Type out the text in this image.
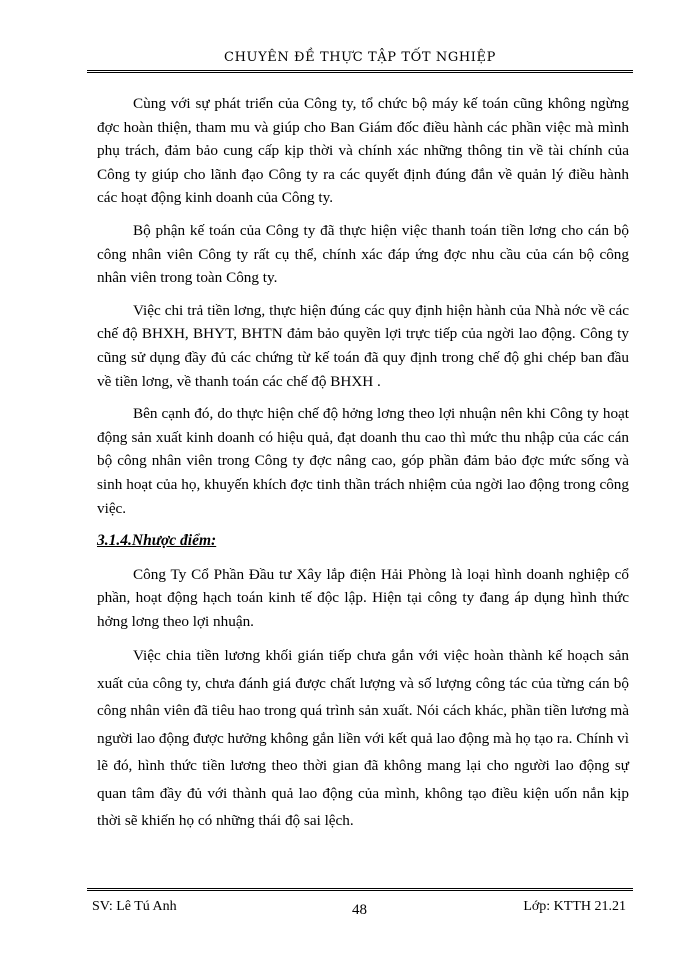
CHUYÊN ĐỀ THỰC TẬP TỐT NGHIỆP

Cùng với sự phát triển của Công ty, tổ chức bộ máy kế toán cũng không ngừng đợc hoàn thiện, tham mu và giúp cho Ban Giám đốc điều hành các phần việc mà mình phụ trách, đảm bảo cung cấp kịp thời và chính xác những thông tin về tài chính của Công ty giúp cho lãnh đạo Công ty ra các quyết định đúng đắn về quản lý điều hành các hoạt động kinh doanh của Công ty.

Bộ phận kế toán của Công ty đã thực hiện việc thanh toán tiền lơng cho cán bộ công nhân viên Công ty rất cụ thể, chính xác đáp ứng đợc nhu cầu của cán bộ công nhân viên trong toàn Công ty.

Việc chi trả tiền lơng, thực hiện đúng các quy định hiện hành của Nhà nớc về các chế độ BHXH, BHYT, BHTN đảm bảo quyền lợi trực tiếp của ngời lao động. Công ty cũng sử dụng đầy đủ các chứng từ kế toán đã quy định trong chế độ ghi chép ban đầu về tiền lơng, về thanh toán các chế độ BHXH .

Bên cạnh đó, do thực hiện chế độ hởng lơng theo lợi nhuận nên khi Công ty hoạt động sản xuất kinh doanh có hiệu quả, đạt doanh thu cao thì mức thu nhập của các cán bộ công nhân viên trong Công ty đợc nâng cao, góp phần đảm bảo đợc mức sống và sinh hoạt của họ, khuyến khích đợc tinh thần trách nhiệm của ngời lao động trong công việc.

3.1.4.Nhược điểm:

Công Ty Cổ Phần Đầu tư Xây lắp điện Hải Phòng là loại hình doanh nghiệp cổ phần, hoạt động hạch toán kinh tế độc lập. Hiện tại công ty đang áp dụng hình thức hởng lơng theo lợi nhuận.

Việc chia tiền lương khối gián tiếp chưa gắn với việc hoàn thành kế hoạch sản xuất của công ty, chưa đánh giá được chất lượng và số lượng công tác của từng cán bộ công nhân viên đã tiêu hao trong quá trình sản xuất. Nói cách khác, phần tiền lương mà người lao động được hưởng không gắn liền với kết quả lao động mà họ tạo ra. Chính vì lẽ đó, hình thức tiền lương theo thời gian đã không mang lại cho người lao động sự quan tâm đầy đủ với thành quả lao động của mình, không tạo điều kiện uốn nắn kịp thời sẽ khiến họ có những thái độ sai lệch.

SV: Lê Tú Anh	48	Lớp: KTTH 21.21
